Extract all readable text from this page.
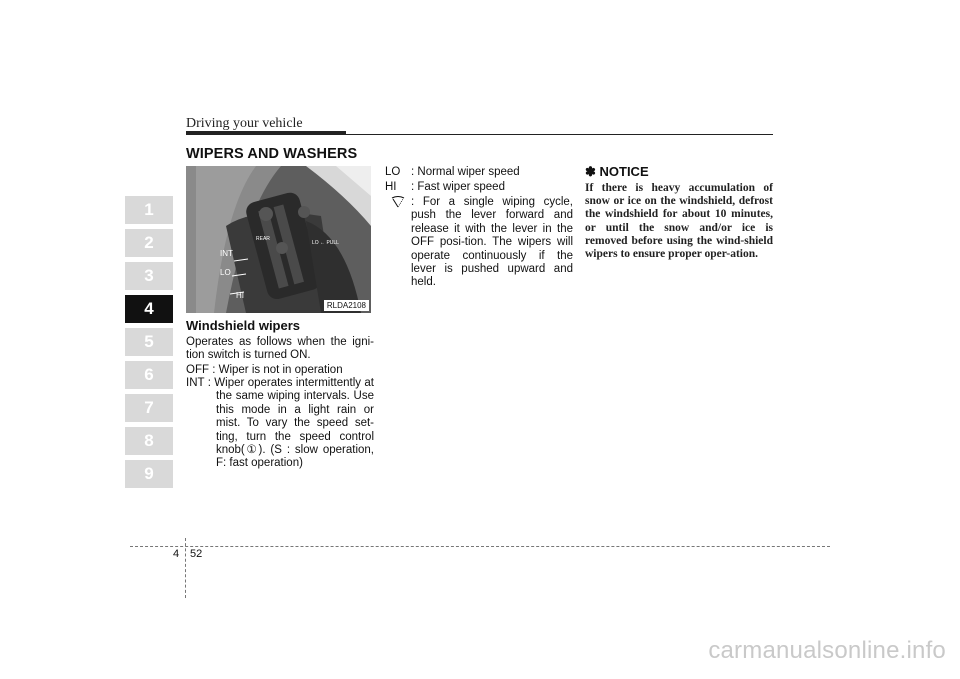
Driving your vehicle
WIPERS AND WASHERS
1
2
3
4
5
6
7
8
9
INT
LO
HI
REAR
LO ← PULL
RLDA2108
Windshield wipers
Operates as follows when the igni-tion switch is turned ON.
OFF : Wiper is not in operation
INT : Wiper operates intermittently at the same wiping intervals. Use this mode in a light rain or mist. To vary the speed set-ting, turn the speed control knob(①). (S : slow operation, F: fast operation)
LO : Normal wiper speed
HI	: Fast wiper speed
: For a single wiping cycle, push the lever forward and release it with the lever in the OFF posi-tion. The wipers will operate continuously if the lever is pushed upward and held.
✽ NOTICE
If there is heavy accumulation of snow or ice on the windshield, defrost the windshield for about 10 minutes, or until the snow and/or ice is removed before using the wind-shield wipers to ensure proper oper-ation.
4 52
carmanualsonline.info
